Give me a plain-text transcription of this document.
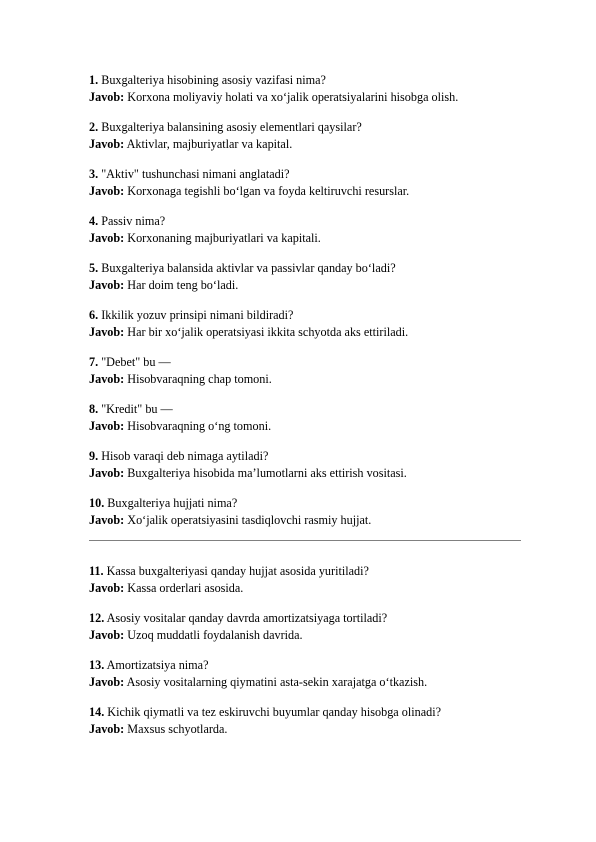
1. Buxgalteriya hisobining asosiy vazifasi nima?
Javob: Korxona moliyaviy holati va xo‘jalik operatsiyalarini hisobga olish.
2. Buxgalteriya balansining asosiy elementlari qaysilar?
Javob: Aktivlar, majburiyatlar va kapital.
3. "Aktiv" tushunchasi nimani anglatadi?
Javob: Korxonaga tegishli bo‘lgan va foyda keltiruvchi resurslar.
4. Passiv nima?
Javob: Korxonaning majburiyatlari va kapitali.
5. Buxgalteriya balansida aktivlar va passivlar qanday bo‘ladi?
Javob: Har doim teng bo‘ladi.
6. Ikkilik yozuv prinsipi nimani bildiradi?
Javob: Har bir xo‘jalik operatsiyasi ikkita schyotda aks ettiriladi.
7. "Debet" bu —
Javob: Hisobvaraqning chap tomoni.
8. "Kredit" bu —
Javob: Hisobvaraqning o‘ng tomoni.
9. Hisob varaqi deb nimaga aytiladi?
Javob: Buxgalteriya hisobida ma’lumotlarni aks ettirish vositasi.
10. Buxgalteriya hujjati nima?
Javob: Xo‘jalik operatsiyasini tasdiqlovchi rasmiy hujjat.
11. Kassa buxgalteriyasi qanday hujjat asosida yuritiladi?
Javob: Kassa orderlari asosida.
12. Asosiy vositalar qanday davrda amortizatsiyaga tortiladi?
Javob: Uzoq muddatli foydalanish davrida.
13. Amortizatsiya nima?
Javob: Asosiy vositalarning qiymatini asta-sekin xarajatga o‘tkazish.
14. Kichik qiymatli va tez eskiruvchi buyumlar qanday hisobga olinadi?
Javob: Maxsus schyotlarda.
